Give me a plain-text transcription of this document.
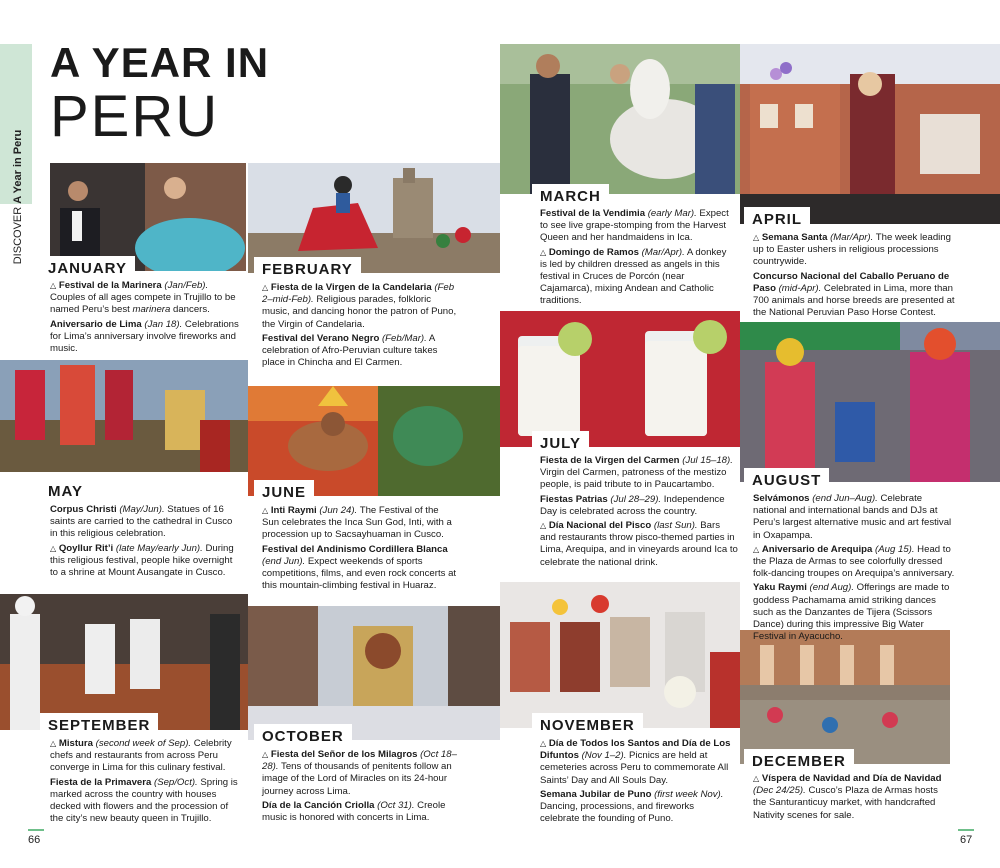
DISCOVER A Year in Peru
A YEAR IN
PERU
JANUARY	FEBRUARY
MARCH
APRIL
MAY	JUNE
JULY
AUGUST
SEPTEMBER
OCTOBER
NOVEMBER
DECEMBER

△ Festival de la Marinera (Jan/Feb). Couples of all ages compete in Trujillo to be named Peru’s best marinera dancers.

Aniversario de Lima (Jan 18). Celebrations for Lima’s anniversary involve fireworks and music.

△ Fiesta de la Virgen de la Candelaria (Feb 2–mid-Feb). Religious parades, folkloric music, and dancing honor the patron of Puno, the Virgin of Candelaria.

Festival del Verano Negro (Feb/Mar). A celebration of Afro-Peruvian culture takes place in Chincha and El Carmen.

Festival de la Vendimia (early Mar). Expect to see live grape-stomping from the Harvest Queen and her handmaidens in Ica.

△ Domingo de Ramos (Mar/Apr). A donkey is led by children dressed as angels in this festival in Cruces de Porcón (near Cajamarca), mixing Andean and Catholic traditions.

△ Semana Santa (Mar/Apr). The week leading up to Easter ushers in religious processions countrywide.

Concurso Nacional del Caballo Peruano de Paso (mid-Apr). Celebrated in Lima, more than 700 animals and horse breeds are presented at the National Peruvian Paso Horse Contest.

Corpus Christi (May/Jun). Statues of 16 saints are carried to the cathedral in Cusco in this religious celebration.

△ Qoyllur Rit’i (late May/early Jun). During this religious festival, people hike overnight to a shrine at Mount Ausangate in Cusco.

△ Inti Raymi (Jun 24). The Festival of the Sun celebrates the Inca Sun God, Inti, with a procession up to Sacsayhuaman in Cusco.

Festival del Andinismo Cordillera Blanca (end Jun). Expect weekends of sports competitions, films, and even rock concerts at this mountain-climbing festival in Huaraz.

Fiesta de la Virgen del Carmen (Jul 15–18). Virgin del Carmen, patroness of the mestizo people, is paid tribute to in Paucartambo.

Fiestas Patrias (Jul 28–29). Independence Day is celebrated across the country.

△ Día Nacional del Pisco (last Sun). Bars and restaurants throw pisco-themed parties in Lima, Arequipa, and in vineyards around Ica to celebrate the national drink.

Selvámonos (end Jun–Aug). Celebrate national and international bands and DJs at Peru’s largest alternative music and art festival in Oxapampa.

△ Aniversario de Arequipa (Aug 15). Head to the Plaza de Armas to see colorfully dressed folk-dancing troupes on Arequipa’s anniversary.

Yaku Raymi (end Aug). Offerings are made to goddess Pachamama amid striking dances such as the Danzantes de Tijera (Scissors Dance) during this impressive Big Water Festival in Ayacucho.

△ Mistura (second week of Sep). Celebrity chefs and restaurants from across Peru converge in Lima for this culinary festival.

Fiesta de la Primavera (Sep/Oct). Spring is marked across the country with houses decked with flowers and the procession of the city’s new beauty queen in Trujillo.

△ Fiesta del Señor de los Milagros (Oct 18–28). Tens of thousands of penitents follow an image of the Lord of Miracles on its 24-hour journey across Lima.

Día de la Canción Criolla (Oct 31). Creole music is honored with concerts in Lima.

△ Día de Todos los Santos and Día de Los Difuntos (Nov 1–2). Picnics are held at cemeteries across Peru to commemorate All Saints’ Day and All Souls Day.

Semana Jubilar de Puno (first week Nov). Dancing, processions, and fireworks celebrate the founding of Puno.

△ Víspera de Navidad and Día de Navidad (Dec 24/25). Cusco’s Plaza de Armas hosts the Santuranticuy market, with handcrafted Nativity scenes for sale.

66	67
